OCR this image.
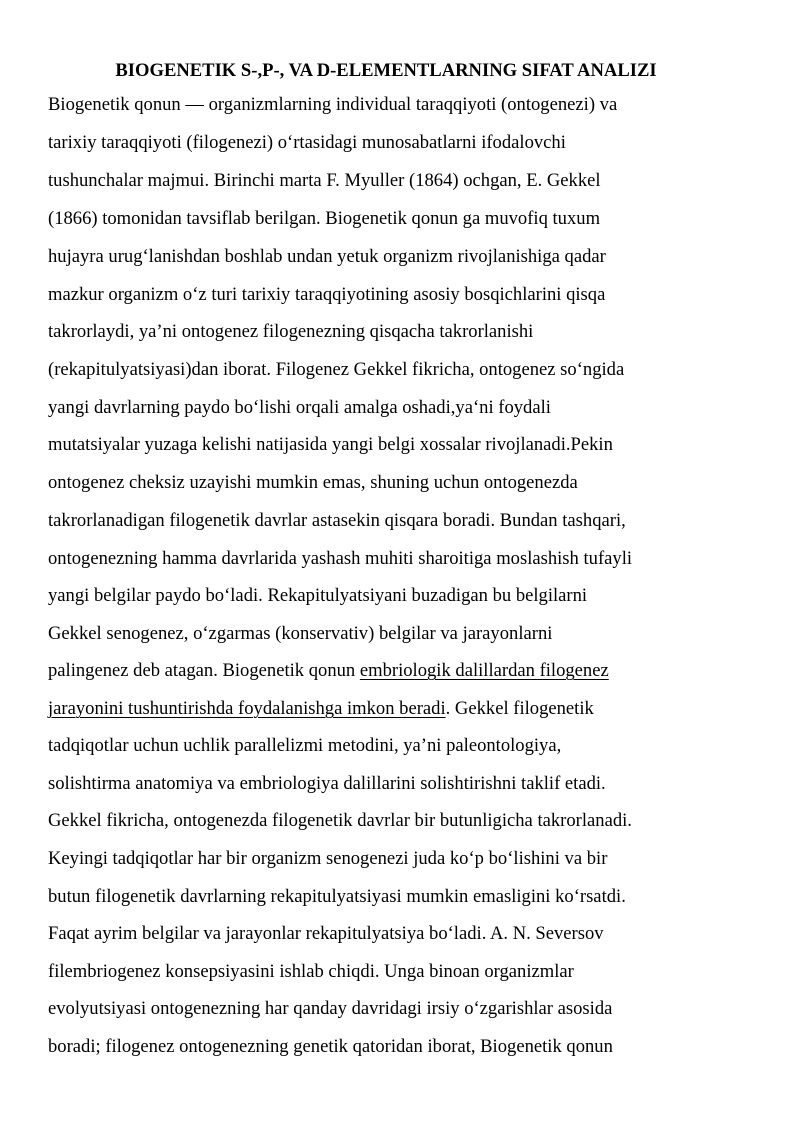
BIOGENETIK S-,P-, VA D-ELEMENTLARNING SIFAT ANALIZI

Biogenetik qonun — organizmlarning individual taraqqiyoti (ontogenezi) va

tarixiy taraqqiyoti (filogenezi) o‘rtasidagi munosabatlarni ifodalovchi

tushunchalar majmui. Birinchi marta F. Myuller (1864) ochgan, E. Gekkel

(1866) tomonidan tavsiflab berilgan. Biogenetik qonun ga muvofiq tuxum

hujayra urug‘lanishdan boshlab undan yetuk organizm rivojlanishiga qadar

mazkur organizm o‘z turi tarixiy taraqqiyotining asosiy bosqichlarini qisqa

takrorlaydi, ya’ni ontogenez filogenezning qisqacha takrorlanishi

(rekapitulyatsiyasi)dan iborat. Filogenez Gekkel fikricha, ontogenez so‘ngida

yangi davrlarning paydo bo‘lishi orqali amalga oshadi,ya‘ni foydali

mutatsiyalar yuzaga kelishi natijasida yangi belgi xossalar rivojlanadi.Pekin

ontogenez cheksiz uzayishi mumkin emas, shuning uchun ontogenezda

takrorlanadigan filogenetik davrlar astasekin qisqara boradi. Bundan tashqari,

ontogenezning hamma davrlarida yashash muhiti sharoitiga moslashish tufayli

yangi belgilar paydo bo‘ladi. Rekapitulyatsiyani buzadigan bu belgilarni

Gekkel senogenez, o‘zgarmas (konservativ) belgilar va jarayonlarni

palingenez deb atagan. Biogenetik qonun embriologik dalillardan filogenez

jarayonini tushuntirishda foydalanishga imkon beradi. Gekkel filogenetik

tadqiqotlar uchun uchlik parallelizmi metodini, ya’ni paleontologiya,

solishtirma anatomiya va embriologiya dalillarini solishtirishni taklif etadi.

Gekkel fikricha, ontogenezda filogenetik davrlar bir butunligicha takrorlanadi.

Keyingi tadqiqotlar har bir organizm senogenezi juda ko‘p bo‘lishini va bir

butun filogenetik davrlarning rekapitulyatsiyasi mumkin emasligini ko‘rsatdi.

Faqat ayrim belgilar va jarayonlar rekapitulyatsiya bo‘ladi. A. N. Seversov

filembriogenez konsepsiyasini ishlab chiqdi. Unga binoan organizmlar

evolyutsiyasi ontogenezning har qanday davridagi irsiy o‘zgarishlar asosida

boradi; filogenez ontogenezning genetik qatoridan iborat, Biogenetik qonun
